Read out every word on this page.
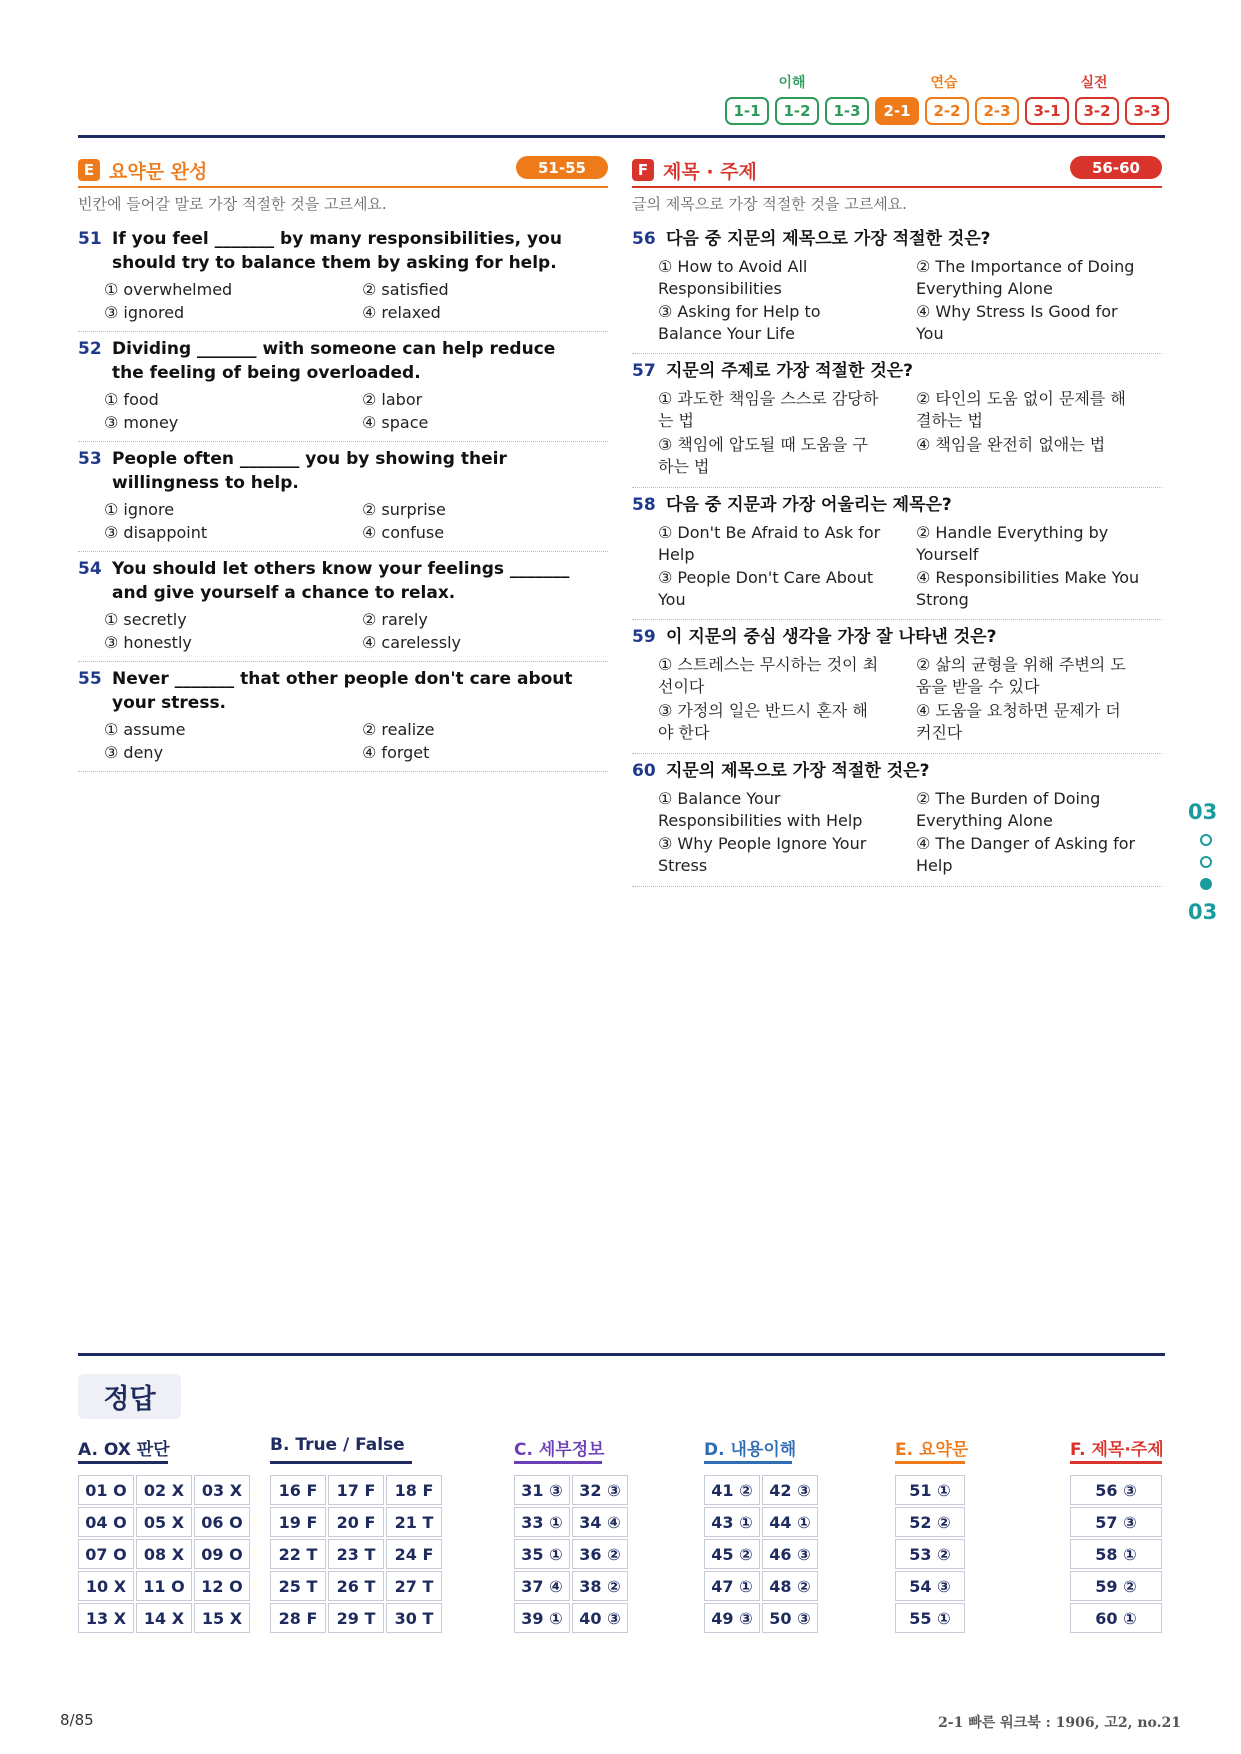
이해	연습	실전
1-1	1-2	1-3	2-1	2-2	2-3	3-1	3-2	3-3
E 요약문 완성	51-55
빈칸에 들어갈 말로 가장 적절한 것을 고르세요.
51 If you feel _______ by many responsibilities, you
should try to balance them by asking for help.
① overwhelmed	② satisfied
③ ignored	④ relaxed
52 Dividing _______ with someone can help reduce
the feeling of being overloaded.
① food	② labor
③ money	④ space
53 People often _______ you by showing their
willingness to help.
① ignore	② surprise
③ disappoint	④ confuse
54 You should let others know your feelings _______
and give yourself a chance to relax.
① secretly	② rarely
③ honestly	④ carelessly
55 Never _______ that other people don't care about
your stress.
① assume	② realize
③ deny	④ forget
F 제목 · 주제	56-60
글의 제목으로 가장 적절한 것을 고르세요.
56 다음 중 지문의 제목으로 가장 적절한 것은?
① How to Avoid All
Responsibilities
② The Importance of Doing
Everything Alone
③ Asking for Help to
Balance Your Life
④ Why Stress Is Good for
You
57 지문의 주제로 가장 적절한 것은?
① 과도한 책임을 스스로 감당하
는 법
② 타인의 도움 없이 문제를 해
결하는 법
③ 책임에 압도될 때 도움을 구
하는 법
④ 책임을 완전히 없애는 법
58 다음 중 지문과 가장 어울리는 제목은?
① Don't Be Afraid to Ask for
Help
② Handle Everything by
Yourself
③ People Don't Care About
You
④ Responsibilities Make You
Strong
59 이 지문의 중심 생각을 가장 잘 나타낸 것은?
① 스트레스는 무시하는 것이 최
선이다
② 삶의 균형을 위해 주변의 도
움을 받을 수 있다
③ 가정의 일은 반드시 혼자 해
야 한다
④ 도움을 요청하면 문제가 더
커진다
60 지문의 제목으로 가장 적절한 것은?
① Balance Your
Responsibilities with Help
② The Burden of Doing
Everything Alone
③ Why People Ignore Your
Stress
④ The Danger of Asking for
Help
03
03
정답
A. OX 판단
01 O	02 X	03 X
04 O	05 X	06 O
07 O	08 X	09 O
10 X	11 O	12 O
13 X	14 X	15 X
B. True / False
16 F	17 F	18 F
19 F	20 F	21 T
22 T	23 T	24 F
25 T	26 T	27 T
28 F	29 T	30 T
C. 세부정보
31 ③	32 ③
33 ①	34 ④
35 ①	36 ②
37 ④	38 ②
39 ①	40 ③
D. 내용이해
41 ②	42 ③
43 ①	44 ①
45 ②	46 ③
47 ①	48 ②
49 ③	50 ③
E. 요약문
51 ①
52 ②
53 ②
54 ③
55 ①
F. 제목·주제
56 ③
57 ③
58 ①
59 ②
60 ①
8/85	2-1 빠른 워크북 : 1906, 고2, no.21
